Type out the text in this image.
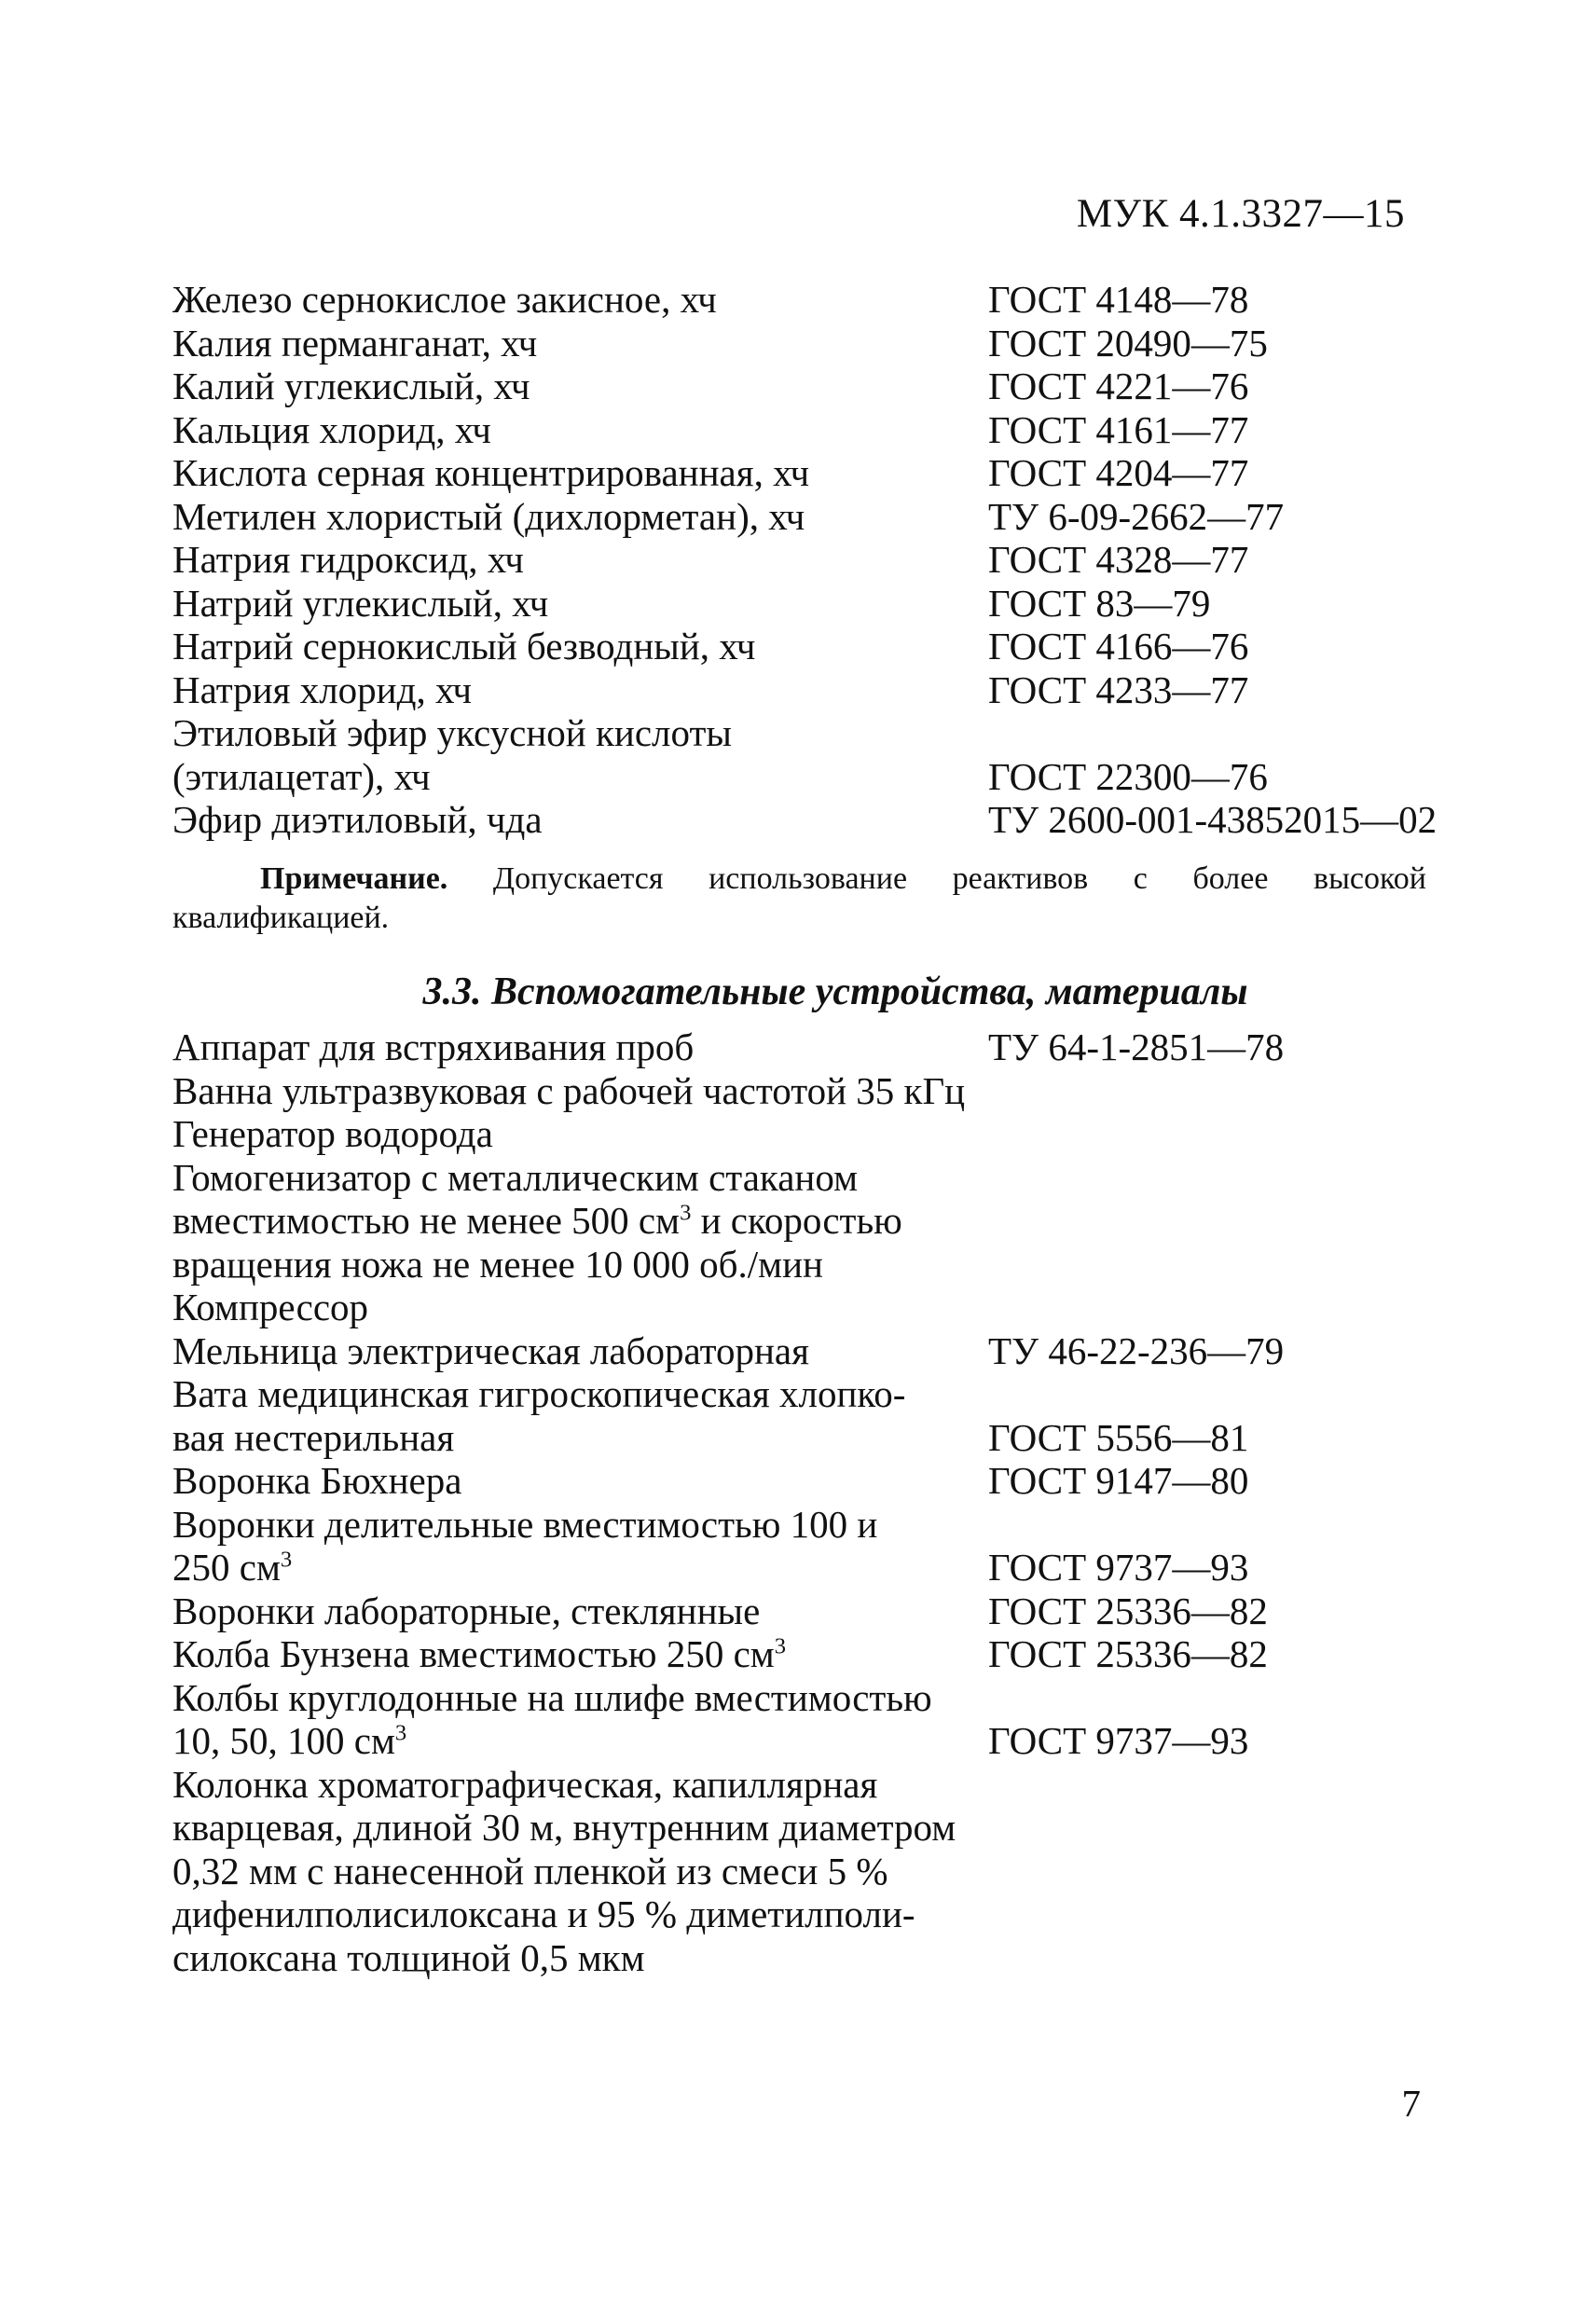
МУК 4.1.3327—15
Железо сернокислое закисное, хч	ГОСТ 4148—78
Калия перманганат, хч	ГОСТ 20490—75
Калий углекислый, хч	ГОСТ 4221—76
Кальция хлорид, хч	ГОСТ 4161—77
Кислота серная концентрированная, хч	ГОСТ 4204—77
Метилен хлористый (дихлорметан), хч	ТУ 6-09-2662—77
Натрия гидроксид, хч	ГОСТ 4328—77
Натрий углекислый, хч	ГОСТ 83—79
Натрий сернокислый безводный, хч	ГОСТ 4166—76
Натрия хлорид, хч	ГОСТ 4233—77
Этиловый эфир уксусной кислоты
(этилацетат), хч	ГОСТ 22300—76
Эфир диэтиловый, чда	ТУ 2600-001-43852015—02
Примечание. Допускается использование реактивов с более высокой квалификацией.
3.3. Вспомогательные устройства, материалы
Аппарат для встряхивания проб	ТУ 64-1-2851—78
Ванна ультразвуковая с рабочей частотой 35 кГц
Генератор водорода
Гомогенизатор с металлическим стаканом
вместимостью не менее 500 $см^3$ и скоростью
вращения ножа не менее 10 000 об./мин
Компрессор
Мельница электрическая лабораторная	ТУ 46-22-236—79
Вата медицинская гигроскопическая хлопко-
вая нестерильная	ГОСТ 5556—81
Воронка Бюхнера	ГОСТ 9147—80
Воронки делительные вместимостью 100 и
250 $см^3$	ГОСТ 9737—93
Воронки лабораторные, стеклянные	ГОСТ 25336—82
Колба Бунзена вместимостью 250 $см^3$	ГОСТ 25336—82
Колбы круглодонные на шлифе вместимостью
10, 50, 100 $см^3$	ГОСТ 9737—93
Колонка хроматографическая, капиллярная
кварцевая, длиной 30 м, внутренним диаметром
0,32 мм с нанесенной пленкой из смеси 5 %
дифенилполисилоксана и 95 % диметилполи-
силоксана толщиной 0,5 мкм
7
